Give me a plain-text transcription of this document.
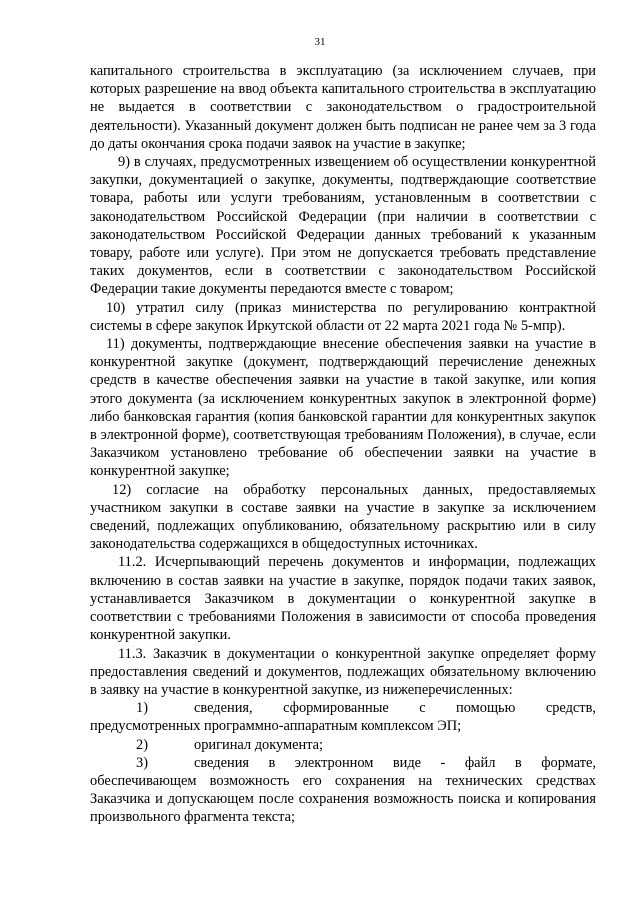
31

капитального строительства в эксплуатацию (за исключением случаев, при которых разрешение на ввод объекта капитального строительства в эксплуатацию не выдается в соответствии с законодательством о градостроительной деятельности). Указанный документ должен быть подписан не ранее чем за 3 года до даты окончания срока подачи заявок на участие в закупке;

9) в случаях, предусмотренных извещением об осуществлении конкурентной закупки, документацией о закупке, документы, подтверждающие соответствие товара, работы или услуги требованиям, установленным в соответствии с законодательством Российской Федерации (при наличии в соответствии с законодательством Российской Федерации данных требований к указанным товару, работе или услуге). При этом не допускается требовать представление таких документов, если в соответствии с законодательством Российской Федерации такие документы передаются вместе с товаром;

10) утратил силу (приказ министерства по регулированию контрактной системы в сфере закупок Иркутской области от 22 марта 2021 года № 5-мпр).

11) документы, подтверждающие внесение обеспечения заявки на участие в конкурентной закупке (документ, подтверждающий перечисление денежных средств в качестве обеспечения заявки на участие в такой закупке, или копия этого документа (за исключением конкурентных закупок в электронной форме) либо банковская гарантия (копия банковской гарантии для конкурентных закупок в электронной форме), соответствующая требованиям Положения), в случае, если Заказчиком установлено требование об обеспечении заявки на участие в конкурентной закупке;

12) согласие на обработку персональных данных, предоставляемых участником закупки в составе заявки на участие в закупке за исключением сведений, подлежащих опубликованию, обязательному раскрытию или в силу законодательства содержащихся в общедоступных источниках.

11.2. Исчерпывающий перечень документов и информации, подлежащих включению в состав заявки на участие в закупке, порядок подачи таких заявок, устанавливается Заказчиком в документации о конкурентной закупке в соответствии с требованиями Положения в зависимости от способа проведения конкурентной закупки.

11.3. Заказчик в документации о конкурентной закупке определяет форму предоставления сведений и документов, подлежащих обязательному включению в заявку на участие в конкурентной закупке, из нижеперечисленных:

1)	сведения, сформированные с помощью средств,

предусмотренных программно-аппаратным комплексом ЭП;

2)	оригинал документа;
3)	сведения в электронном виде - файл в формате,

обеспечивающем возможность его сохранения на технических средствах Заказчика и допускающем после сохранения возможность поиска и копирования произвольного фрагмента текста;
